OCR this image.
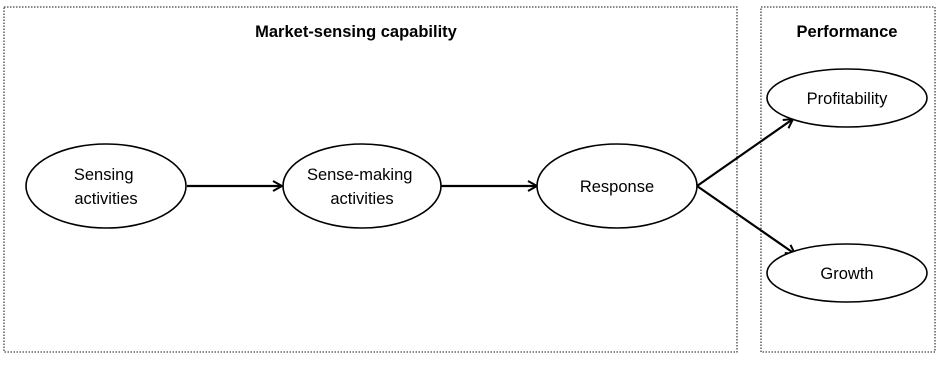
Market-sensing capability	Performance
Sensing activities
Sense-making activities
Response
Profitability
Growth
